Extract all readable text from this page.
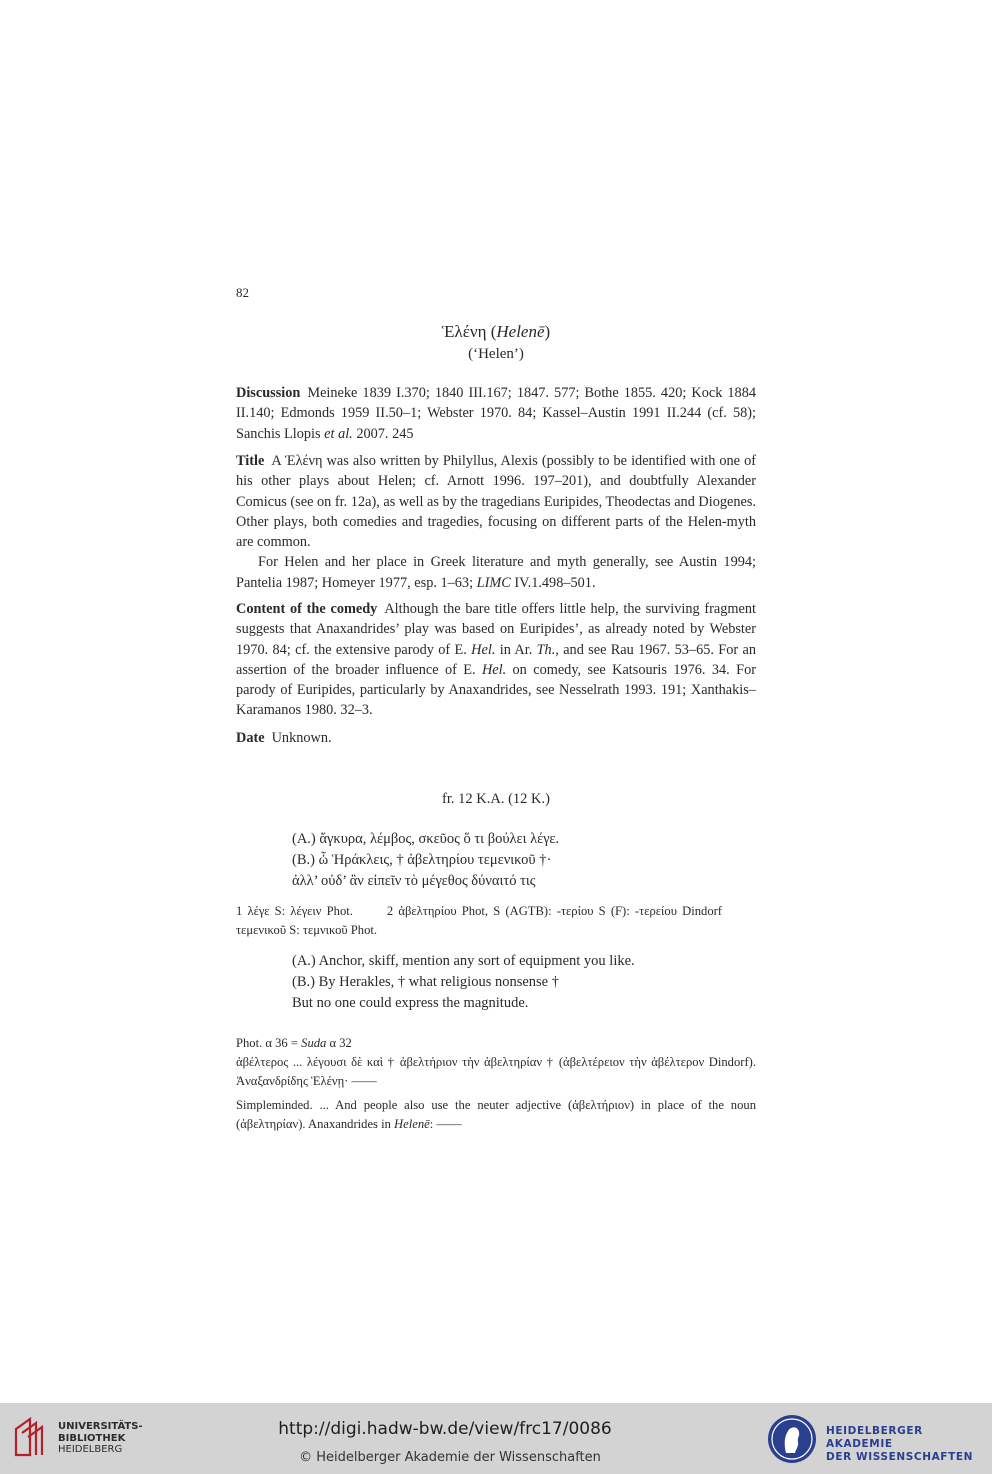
82
Ἑλένη (Helenē)
(‘Helen’)

Discussion Meineke 1839 I.370; 1840 III.167; 1847. 577; Bothe 1855. 420; Kock 1884 II.140; Edmonds 1959 II.50–1; Webster 1970. 84; Kassel–Austin 1991 II.244 (cf. 58); Sanchis Llopis et al. 2007. 245

Title A Ἑλένη was also written by Philyllus, Alexis (possibly to be identified with one of his other plays about Helen; cf. Arnott 1996. 197–201), and doubtfully Alexander Comicus (see on fr. 12a), as well as by the tragedians Euripides, Theodectas and Diogenes. Other plays, both comedies and tragedies, focusing on different parts of the Helen-myth are common.

For Helen and her place in Greek literature and myth generally, see Austin 1994; Pantelia 1987; Homeyer 1977, esp. 1–63; LIMC IV.1.498–501.

Content of the comedy Although the bare title offers little help, the surviving fragment suggests that Anaxandrides’ play was based on Euripides’, as already noted by Webster 1970. 84; cf. the extensive parody of E. Hel. in Ar. Th., and see Rau 1967. 53–65. For an assertion of the broader influence of E. Hel. on comedy, see Katsouris 1976. 34. For parody of Euripides, particularly by Anaxandrides, see Nesselrath 1993. 191; Xanthakis–Karamanos 1980. 32–3.

Date Unknown.

fr. 12 K.A. (12 K.)
(A.) ἄγκυρα, λέμβος, σκεῦος ὅ τι βούλει λέγε.
(B.) ὦ Ἡράκλεις, † ἀβελτηρίου τεμενικοῦ †·
ἀλλ’ οὐδ’ ἂν εἰπεῖν τὸ μέγεθος δύναιτό τις

1 λέγε S: λέγειν Phot.	2 ἀβελτηρίου Phot, S (AGTB): -τερίου S (F): -τερείου Dindorfτεμενικοῦ S: τεμνικοῦ Phot.

(A.) Anchor, skiff, mention any sort of equipment you like.
(B.) By Herakles, † what religious nonsense †
But no one could express the magnitude.

Phot. α 36 = Suda α 32

ἀβέλτερος ... λέγουσι δὲ καὶ † ἀβελτήριον τὴν ἀβελτηρίαν † (ἀβελτέρειον τὴν ἀβέλτερον Dindorf). Ἀναξανδρίδης Ἑλένῃ· ——

Simpleminded. ... And people also use the neuter adjective (ἀβελτήριον) in place of the noun (ἀβελτηρίαν). Anaxandrides in Helenē: ——

UNIVERSITÄTS-
BIBLIOTHEK
HEIDELBERG
http://digi.hadw-bw.de/view/frc17/0086
© Heidelberger Akademie der Wissenschaften
HEIDELBERGER AKADEMIE
DER WISSENSCHAFTEN
